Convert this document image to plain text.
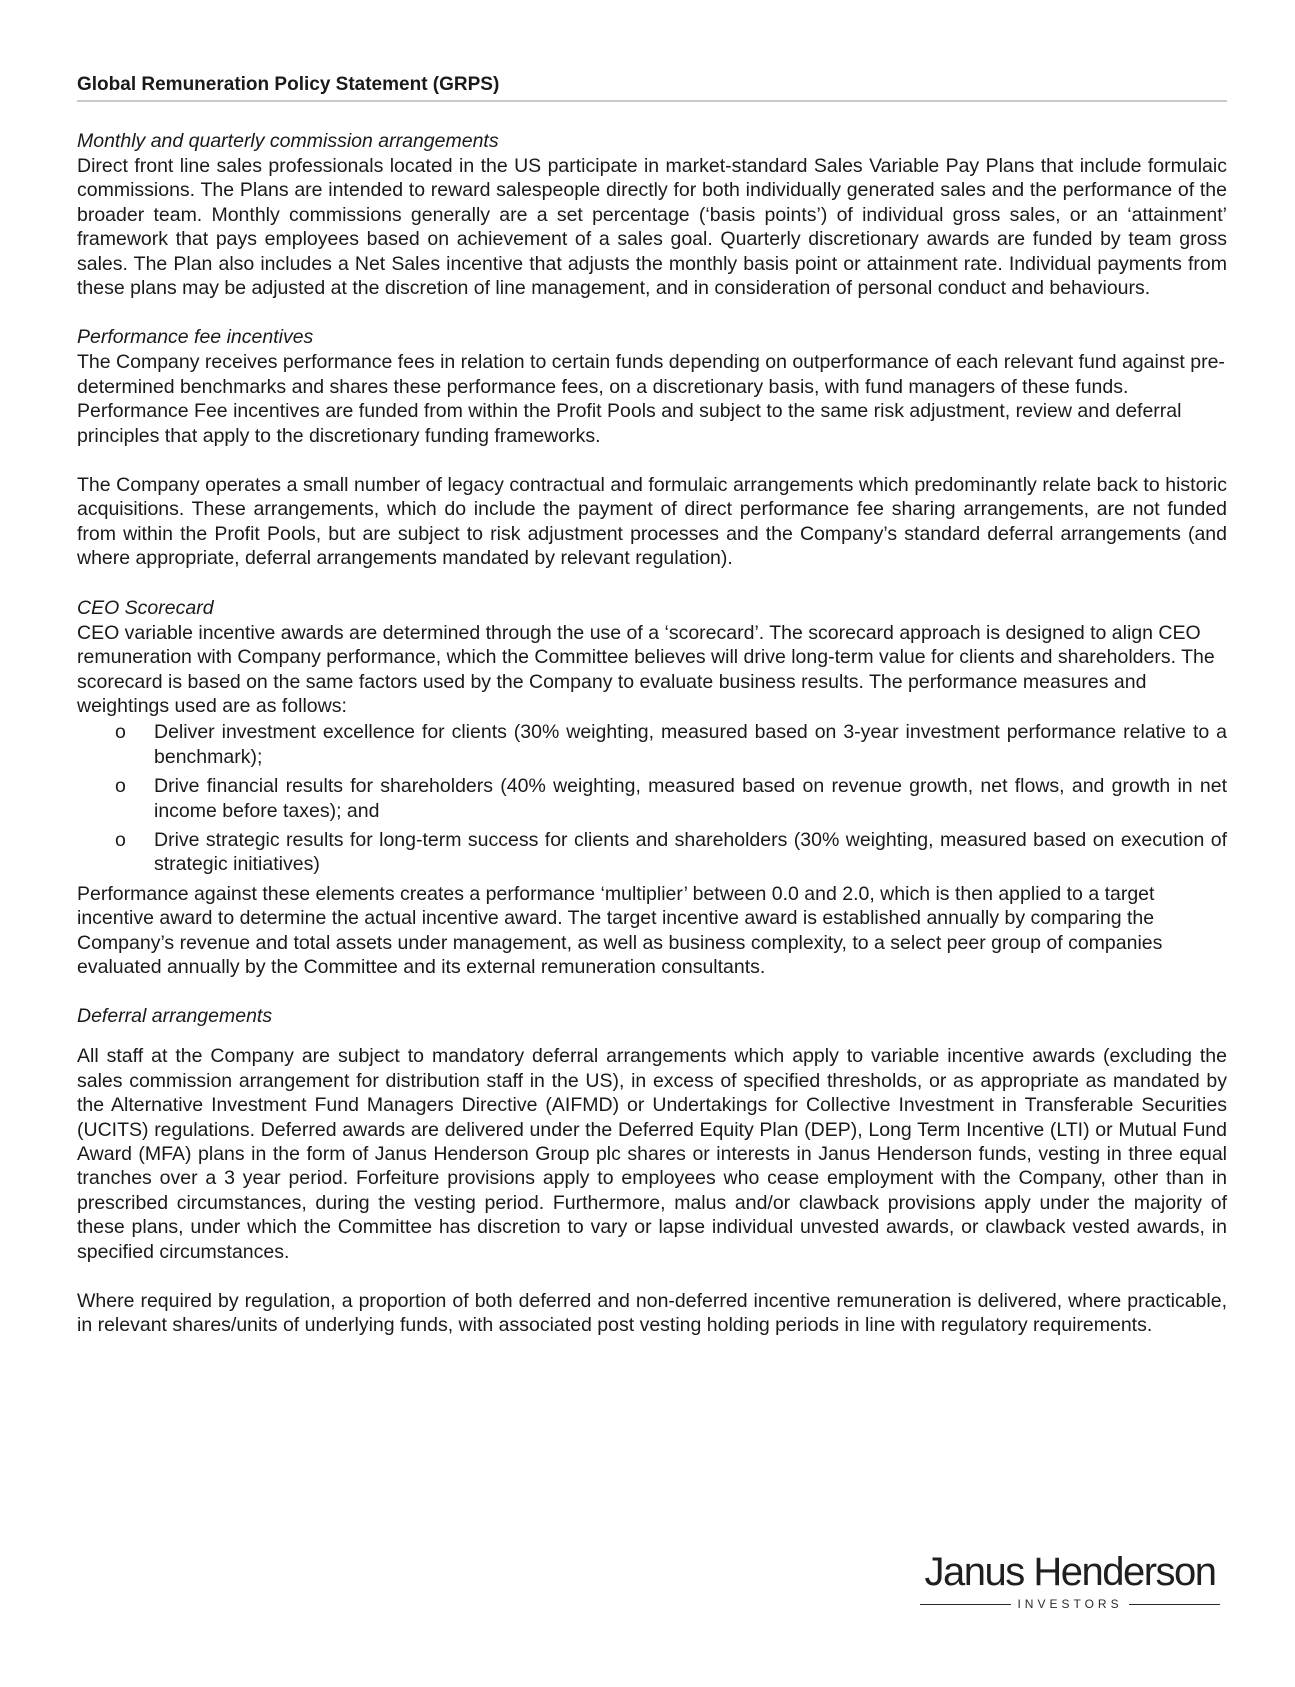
Global Remuneration Policy Statement (GRPS)
Monthly and quarterly commission arrangements

Direct front line sales professionals located in the US participate in market-standard Sales Variable Pay Plans that include formulaic commissions. The Plans are intended to reward salespeople directly for both individually generated sales and the performance of the broader team. Monthly commissions generally are a set percentage (‘basis points’) of individual gross sales, or an ‘attainment’ framework that pays employees based on achievement of a sales goal. Quarterly discretionary awards are funded by team gross sales. The Plan also includes a Net Sales incentive that adjusts the monthly basis point or attainment rate. Individual payments from these plans may be adjusted at the discretion of line management, and in consideration of personal conduct and behaviours.

Performance fee incentives

The Company receives performance fees in relation to certain funds depending on outperformance of each relevant fund against pre-determined benchmarks and shares these performance fees, on a discretionary basis, with fund managers of these funds. Performance Fee incentives are funded from within the Profit Pools and subject to the same risk adjustment, review and deferral principles that apply to the discretionary funding frameworks.

The Company operates a small number of legacy contractual and formulaic arrangements which predominantly relate back to historic acquisitions. These arrangements, which do include the payment of direct performance fee sharing arrangements, are not funded from within the Profit Pools, but are subject to risk adjustment processes and the Company’s standard deferral arrangements (and where appropriate, deferral arrangements mandated by relevant regulation).

CEO Scorecard

CEO variable incentive awards are determined through the use of a ‘scorecard’. The scorecard approach is designed to align CEO remuneration with Company performance, which the Committee believes will drive long-term value for clients and shareholders. The scorecard is based on the same factors used by the Company to evaluate business results. The performance measures and weightings used are as follows:

o Deliver investment excellence for clients (30% weighting, measured based on 3-year investment performance relative to a benchmark);
o Drive financial results for shareholders (40% weighting, measured based on revenue growth, net flows, and growth in net income before taxes); and
o Drive strategic results for long-term success for clients and shareholders (30% weighting, measured based on execution of strategic initiatives)

Performance against these elements creates a performance ‘multiplier’ between 0.0 and 2.0, which is then applied to a target incentive award to determine the actual incentive award. The target incentive award is established annually by comparing the Company’s revenue and total assets under management, as well as business complexity, to a select peer group of companies evaluated annually by the Committee and its external remuneration consultants.

Deferral arrangements

All staff at the Company are subject to mandatory deferral arrangements which apply to variable incentive awards (excluding the sales commission arrangement for distribution staff in the US), in excess of specified thresholds, or as appropriate as mandated by the Alternative Investment Fund Managers Directive (AIFMD) or Undertakings for Collective Investment in Transferable Securities (UCITS) regulations. Deferred awards are delivered under the Deferred Equity Plan (DEP), Long Term Incentive (LTI) or Mutual Fund Award (MFA) plans in the form of Janus Henderson Group plc shares or interests in Janus Henderson funds, vesting in three equal tranches over a 3 year period. Forfeiture provisions apply to employees who cease employment with the Company, other than in prescribed circumstances, during the vesting period. Furthermore, malus and/or clawback provisions apply under the majority of these plans, under which the Committee has discretion to vary or lapse individual unvested awards, or clawback vested awards, in specified circumstances.

Where required by regulation, a proportion of both deferred and non-deferred incentive remuneration is delivered, where practicable, in relevant shares/units of underlying funds, with associated post vesting holding periods in line with regulatory requirements.

Janus Henderson
INVESTORS
